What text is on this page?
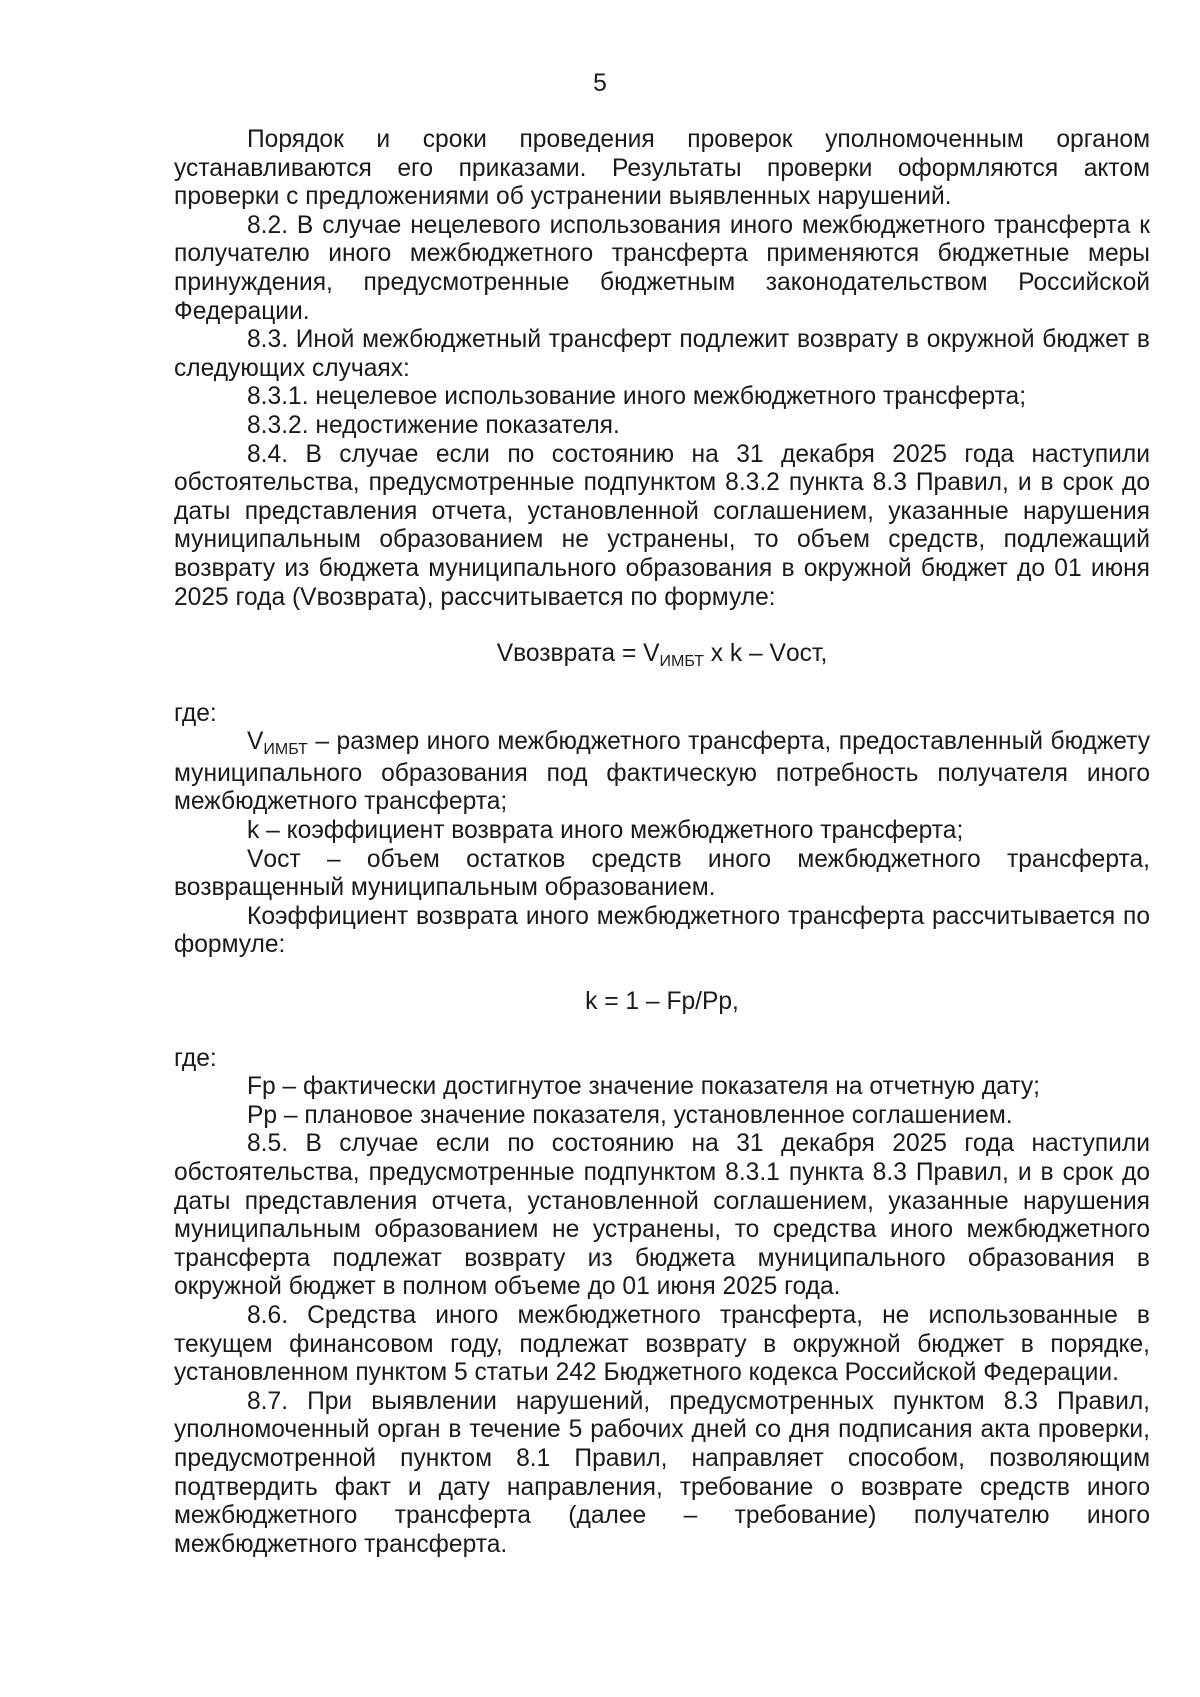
5

Порядок и сроки проведения проверок уполномоченным органом устанавливаются его приказами. Результаты проверки оформляются актом проверки с предложениями об устранении выявленных нарушений.

8.2. В случае нецелевого использования иного межбюджетного трансферта к получателю иного межбюджетного трансферта применяются бюджетные меры принуждения, предусмотренные бюджетным законодательством Российской Федерации.

8.3. Иной межбюджетный трансферт подлежит возврату в окружной бюджет в следующих случаях:

8.3.1. нецелевое использование иного межбюджетного трансферта;

8.3.2. недостижение показателя.

8.4. В случае если по состоянию на 31 декабря 2025 года наступили обстоятельства, предусмотренные подпунктом 8.3.2 пункта 8.3 Правил, и в срок до даты представления отчета, установленной соглашением, указанные нарушения муниципальным образованием не устранены, то объем средств, подлежащий возврату из бюджета муниципального образования в окружной бюджет до 01 июня 2025 года (Vвозврата), рассчитывается по формуле:

Vвозврата = $V_{ИМБТ}$ x k – Vост,

где:

$V_{ИМБТ}$ – размер иного межбюджетного трансферта, предоставленный бюджету муниципального образования под фактическую потребность получателя иного межбюджетного трансферта;

k – коэффициент возврата иного межбюджетного трансферта;

Vост – объем остатков средств иного межбюджетного трансферта, возвращенный муниципальным образованием.

Коэффициент возврата иного межбюджетного трансферта рассчитывается по формуле:

k = 1 – Fp/Pp,

где:

Fp – фактически достигнутое значение показателя на отчетную дату;

Pp – плановое значение показателя, установленное соглашением.

8.5. В случае если по состоянию на 31 декабря 2025 года наступили обстоятельства, предусмотренные подпунктом 8.3.1 пункта 8.3 Правил, и в срок до даты представления отчета, установленной соглашением, указанные нарушения муниципальным образованием не устранены, то средства иного межбюджетного трансферта подлежат возврату из бюджета муниципального образования в окружной бюджет в полном объеме до 01 июня 2025 года.

8.6. Средства иного межбюджетного трансферта, не использованные в текущем финансовом году, подлежат возврату в окружной бюджет в порядке, установленном пунктом 5 статьи 242 Бюджетного кодекса Российской Федерации.

8.7. При выявлении нарушений, предусмотренных пунктом 8.3 Правил, уполномоченный орган в течение 5 рабочих дней со дня подписания акта проверки, предусмотренной пунктом 8.1 Правил, направляет способом, позволяющим подтвердить факт и дату направления, требование о возврате средств иного межбюджетного трансферта (далее – требование) получателю иного межбюджетного трансферта.
